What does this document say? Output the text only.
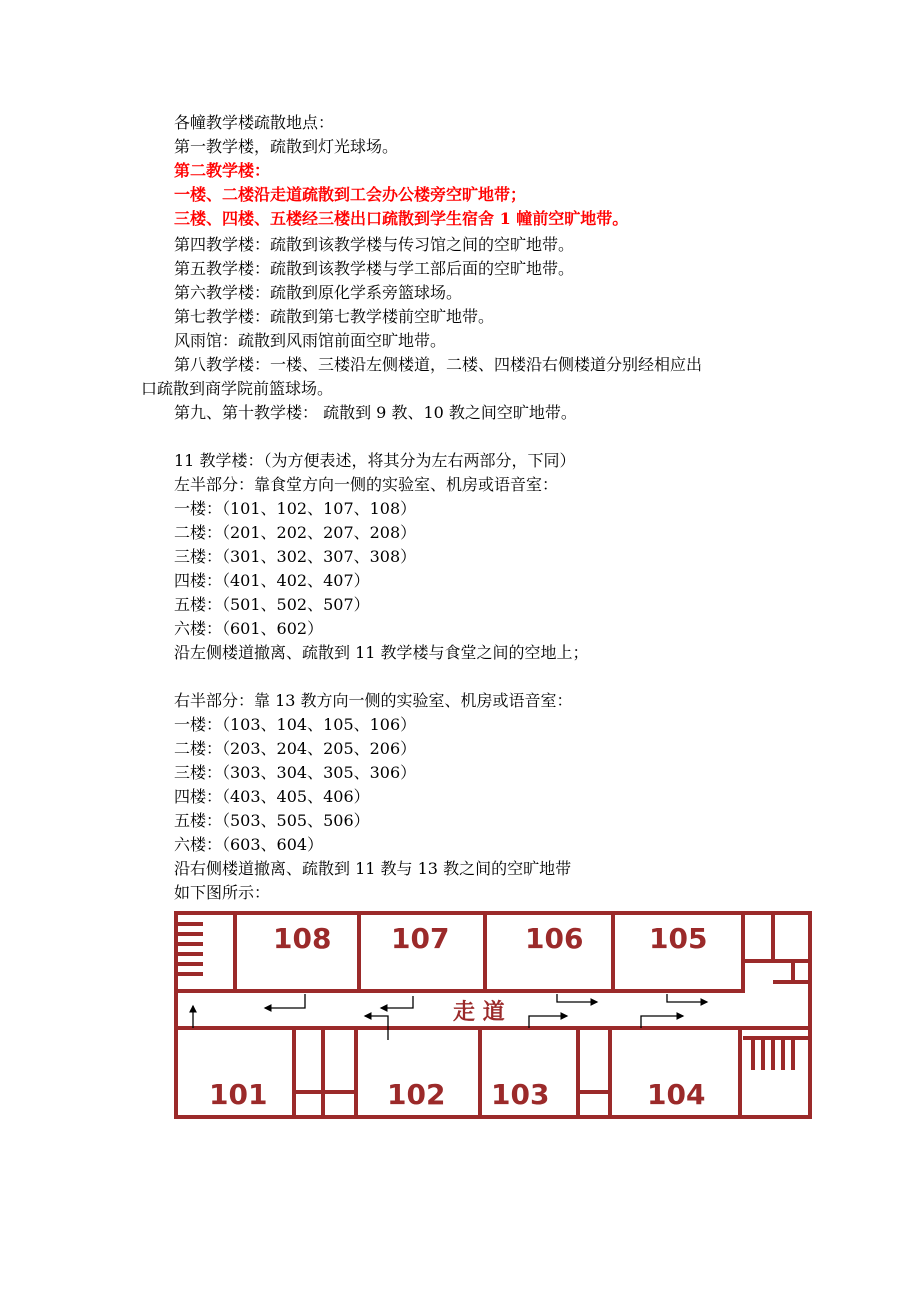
各幢教学楼疏散地点：
第一教学楼，疏散到灯光球场。
第二教学楼：
一楼、二楼沿走道疏散到工会办公楼旁空旷地带；
三楼、四楼、五楼经三楼出口疏散到学生宿舍 1 幢前空旷地带。
第四教学楼：疏散到该教学楼与传习馆之间的空旷地带。
第五教学楼：疏散到该教学楼与学工部后面的空旷地带。
第六教学楼：疏散到原化学系旁篮球场。
第七教学楼：疏散到第七教学楼前空旷地带。
风雨馆：疏散到风雨馆前面空旷地带。
第八教学楼：一楼、三楼沿左侧楼道，二楼、四楼沿右侧楼道分别经相应出
口疏散到商学院前篮球场。
第九、第十教学楼： 疏散到 9 教、10 教之间空旷地带。
11 教学楼：（为方便表述，将其分为左右两部分，下同）
左半部分：靠食堂方向一侧的实验室、机房或语音室：
一楼：（101、102、107、108）
二楼：（201、202、207、208）
三楼：（301、302、307、308）
四楼：（401、402、407）
五楼：（501、502、507）
六楼：（601、602）
沿左侧楼道撤离、疏散到 11 教学楼与食堂之间的空地上；
右半部分：靠 13 教方向一侧的实验室、机房或语音室：
一楼：（103、104、105、106）
二楼：（203、204、205、206）
三楼：（303、304、305、306）
四楼：（403、405、406）
五楼：（503、505、506）
六楼：（603、604）
沿右侧楼道撤离、疏散到 11 教与 13 教之间的空旷地带
如下图所示：
108 107	106 105
101	102 103	104
走 道
